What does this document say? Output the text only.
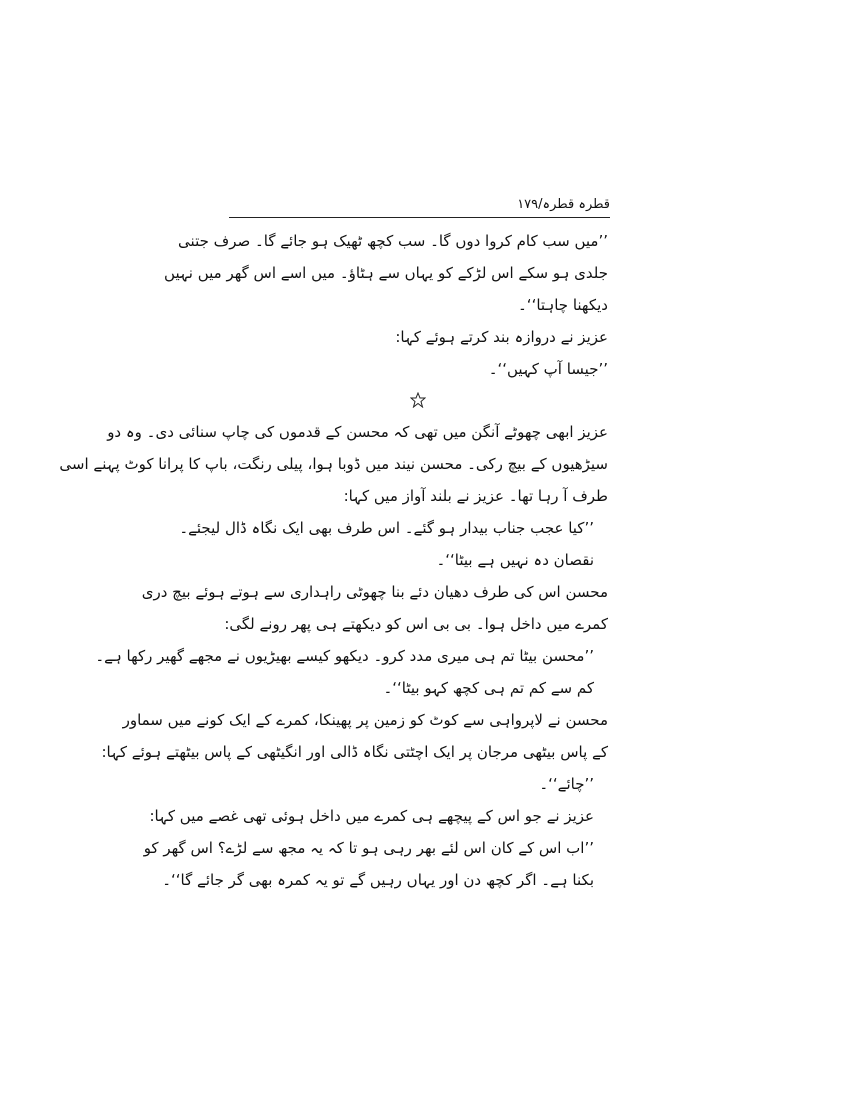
قطرہ قطرہ/۱۷۹
’’میں سب کام کروا دوں گا۔ سب کچھ ٹھیک ہو جائے گا۔ صرف جتنی
جلدی ہو سکے اس لڑکے کو یہاں سے ہٹاؤ۔ میں اسے اس گھر میں نہیں
دیکھنا چاہتا‘‘۔
عزیز نے دروازہ بند کرتے ہوئے کہا:
’’جیسا آپ کہیں‘‘۔
عزیز ابھی چھوٹے آنگن میں تھی کہ محسن کے قدموں کی چاپ سنائی دی۔ وہ دو
سیڑھیوں کے بیچ رکی۔ محسن نیند میں ڈوبا ہوا، پیلی رنگت، باپ کا پرانا کوٹ پہنے اسی
طرف آ رہا تھا۔ عزیز نے بلند آواز میں کہا:
’’کیا عجب جناب بیدار ہو گئے۔ اس طرف بھی ایک نگاہ ڈال لیجئے۔
نقصان دہ نہیں ہے بیٹا‘‘۔
محسن اس کی طرف دھیان دئے بنا چھوٹی راہداری سے ہوتے ہوئے بیچ دری
کمرے میں داخل ہوا۔ بی بی اس کو دیکھتے ہی پھر رونے لگی:
’’محسن بیٹا تم ہی میری مدد کرو۔ دیکھو کیسے بھیڑیوں نے مجھے گھیر رکھا ہے۔
کم سے کم تم ہی کچھ کہو بیٹا‘‘۔
محسن نے لاپرواہی سے کوٹ کو زمین پر پھینکا، کمرے کے ایک کونے میں سماور
کے پاس بیٹھی مرجان پر ایک اچٹتی نگاہ ڈالی اور انگیٹھی کے پاس بیٹھتے ہوئے کہا:
’’چائے‘‘۔
عزیز نے جو اس کے پیچھے ہی کمرے میں داخل ہوئی تھی غصے میں کہا:
’’اب اس کے کان اس لئے بھر رہی ہو تا کہ یہ مجھ سے لڑے؟ اس گھر کو
بکنا ہے۔ اگر کچھ دن اور یہاں رہیں گے تو یہ کمرہ بھی گر جائے گا‘‘۔
